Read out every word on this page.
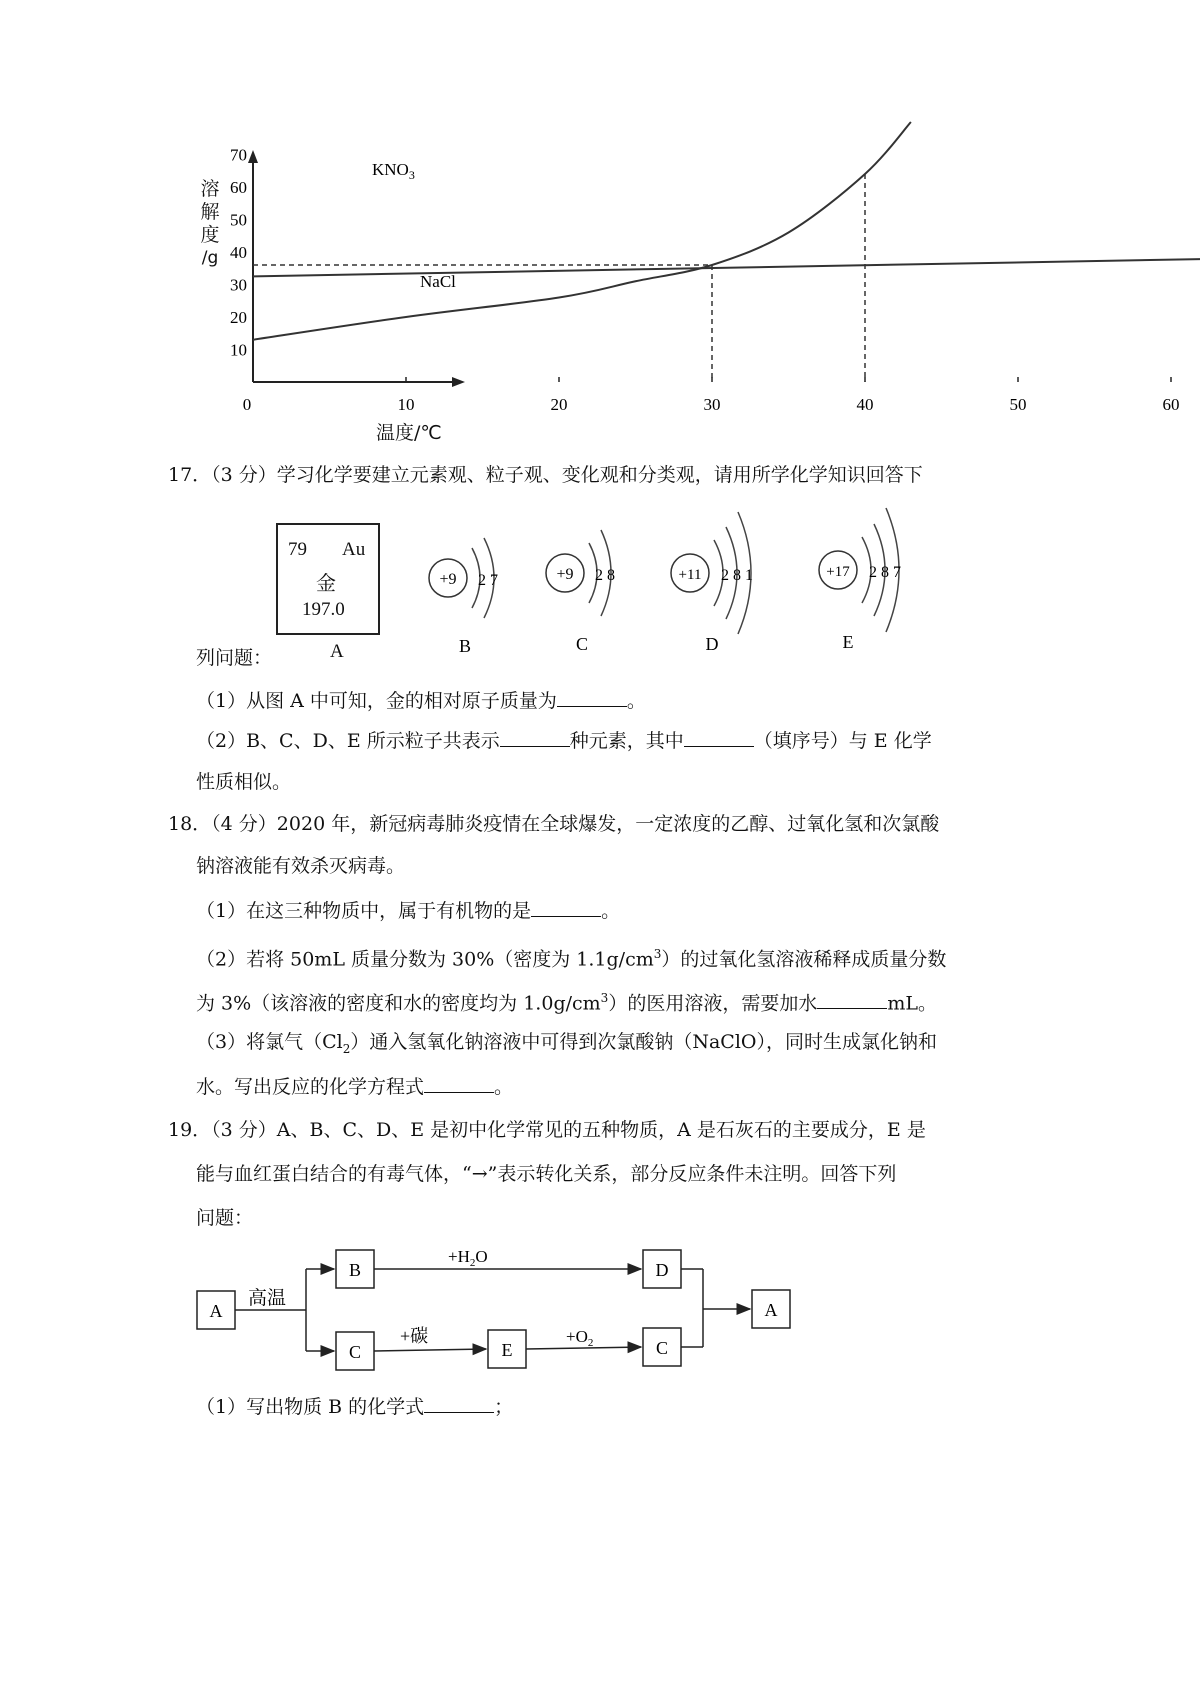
10
20
30
40
50
60
70
0	10	20	30	40	50	60
$KNO_3$
NaCl
溶
解
度
/g
温度/℃
17．（3 分）学习化学要建立元素观、粒子观、变化观和分类观，请用所学化学知识回答下
79 Au
金
197.0
A
+9 2 7
B
+9 2 8
C
+11 2 8 1
D
+17 2 8 7
E
列问题：
（1）从图 A 中可知，金的相对原子质量为	。
（2）B、C、D、E 所示粒子共表示	种元素，其中	（填序号）与 E 化学
性质相似。
18．（4 分）2020 年，新冠病毒肺炎疫情在全球爆发，一定浓度的乙醇、过氧化氢和次氯酸
钠溶液能有效杀灭病毒。
（1）在这三种物质中，属于有机物的是	。
（2）若将 50mL 质量分数为 30%（密度为 $1.1g/cm^3$）的过氧化氢溶液稀释成质量分数
为 3%（该溶液的密度和水的密度均为 $1.0g/cm^3$）的医用溶液，需要加水	mL。
（3）将氯气$(Cl_2)$通入氢氧化钠溶液中可得到次氯酸钠（NaClO），同时生成氯化钠和
水。写出反应的化学方程式	。
19．（3 分）A、B、C、D、E 是初中化学常见的五种物质，A 是石灰石的主要成分，E 是
能与血红蛋白结合的有毒气体，“→”表示转化关系，部分反应条件未注明。回答下列
问题：
A
B
C	E
D
C
A
高温
$+H_2O$
+碳	$+O_2$
（1）写出物质 B 的化学式	；
